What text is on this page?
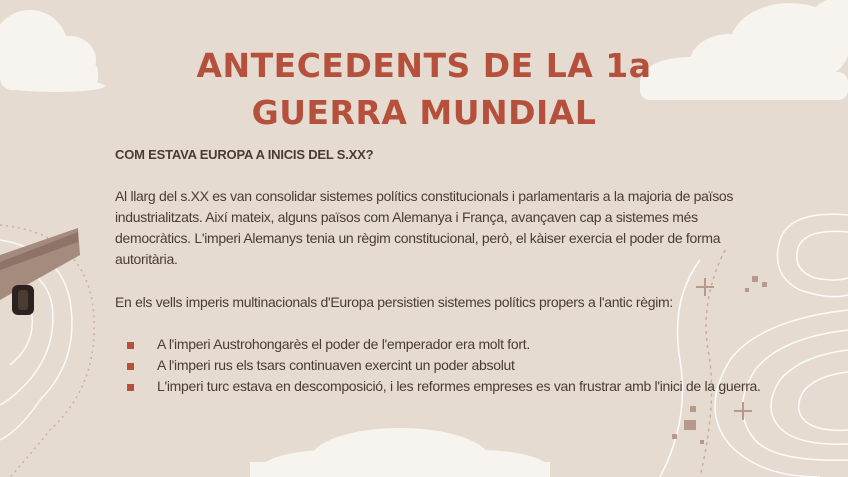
ANTECEDENTS DE LA 1a
GUERRA MUNDIAL

COM ESTAVA EUROPA A INICIS DEL S.XX?

Al llarg del s.XX es van consolidar sistemes polítics constitucionals i parlamentaris a la majoria de països industrialitzats. Així mateix, alguns països com Alemanya i França, avançaven cap a sistemes més democràtics. L'imperi Alemanys tenia un règim constitucional, però, el kàiser exercia el poder de forma autoritària.

En els vells imperis multinacionals d'Europa persistien sistemes polítics propers a l'antic règim:

A l'imperi Austrohongarès el poder de l'emperador era molt fort.
A l'imperi rus els tsars continuaven exercint un poder absolut
L'imperi turc estava en descomposició, i les reformes empreses es van frustrar amb l'inici de la guerra.
